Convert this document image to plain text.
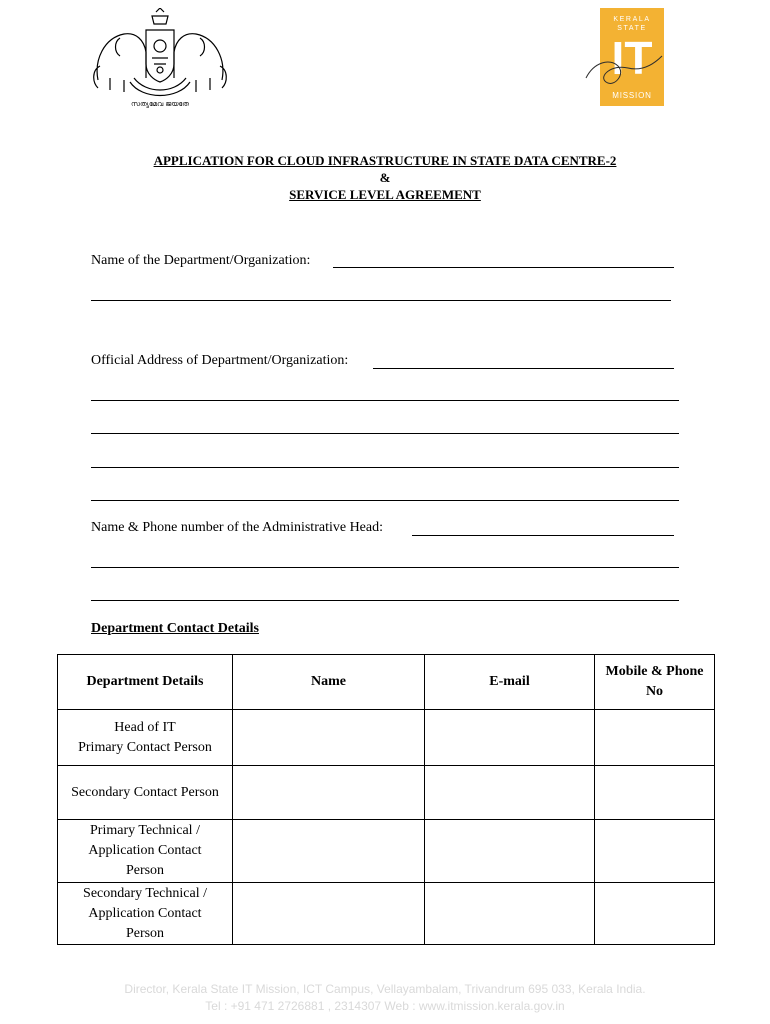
സത്യമേവ ജയതേ
KERALA
STATE
IT
MISSION
APPLICATION FOR CLOUD INFRASTRUCTURE IN STATE DATA CENTRE-2
&
SERVICE LEVEL AGREEMENT
Name of the Department/Organization:
Official Address of Department/Organization:
Name & Phone number of the Administrative Head:
Department Contact Details
Department Details	Name	E-mail	Mobile & Phone No

Head of IT
Primary Contact Person			

Secondary Contact Person			

Primary Technical /
Application Contact
Person			

Secondary Technical /
Application Contact
Person			

Director, Kerala State IT Mission, ICT Campus, Vellayambalam, Trivandrum 695 033, Kerala India.
Tel : +91 471 2726881 , 2314307 Web : www.itmission.kerala.gov.in
